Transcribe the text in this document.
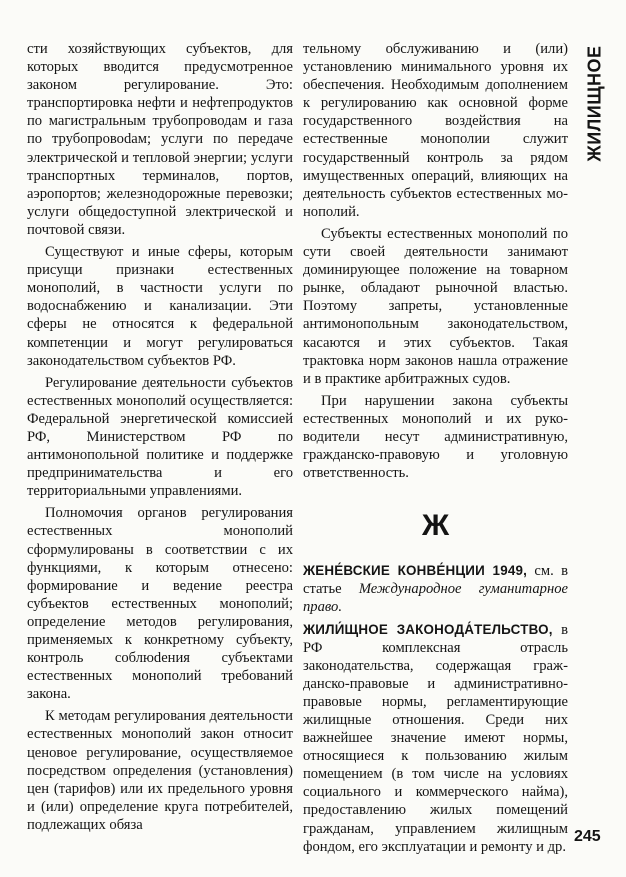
ЖИЛИЩНОЕ

сти хозяйствующих субъектов, для которых вводится предусмотренное законом регулирование. Это: транспортировка нефти и нефтепродуктов по магистральным трубопроводам и газа по трубопровоdам; услуги по передаче электрической и тепловой энергии; услуги транспортных терминалов, портов, аэропортов; железнодорожные перевозки; услуги общедоступной электрической и почтовой связи.

Существуют и иные сферы, которым присущи признаки естественных монополий, в частности услуги по водоснабжению и канализации. Эти сферы не относятся к федеральной компетенции и могут регулироваться законодательством субъектов РФ.

Регулирование деятельности субъектов естественных монополий осуществляется: Федеральной энергетической комиссией РФ, Министерством РФ по антимонопольной политике и поддержке предпринимательства и его территориальными управлениями.

Полномочия органов регулирования естественных монополий сформулированы в соответствии с их функциями, к которым отнесено: формирование и ведение реестра субъектов естественных монополий; определение методов регулирования, применяемых к конкретному субъекту, контроль соблюdения субъектами естественных монополий требований закона.

К методам регулирования деятельности естественных монополий закон относит ценовое регулирование, осуществляемое посредством определения (установления) цен (тарифов) или их предельного уровня и (или) определение круга потребителей, подлежащих обяза

тельному обслуживанию и (или) установлению минимального уровня их обеспечения. Необходимым дополнением к регулированию как основной форме государственного воздействия на естественные монополии служит государственный контроль за рядом имущественных операций, влияющих на деятельность субъектов естественных монополий.

Субъекты естественных монополий по сути своей деятельности занимают доминирующее положение на товарном рынке, обладают рыночной властью. Поэтому запреты, установленные антимонопольным законодательством, касаются и этих субъектов. Такая трактовка норм законов нашла отражение и в практике арбитражных судов.

При нарушении закона субъекты естественных монополий и их руководители несут административную, гражданско-правовую и уголовную ответственность.

Ж

ЖЕНЕ́ВСКИЕ КОНВЕ́НЦИИ 1949, см. в статье Международное гуманитарное право.

ЖИЛИ́ЩНОЕ ЗАКОНОДА́ТЕЛЬСТВО, в РФ комплексная отрасль законодательства, содержащая гражданско-правовые и административно-правовые нормы, регламентирующие жилищные отношения. Среди них важнейшее значение имеют нормы, относящиеся к пользованию жилым помещением (в том числе на условиях социального и коммерческого найма), предоставлению жилых помещений гражданам, управлением жилищным фондом, его эксплуатации и ремонту и др.

245
